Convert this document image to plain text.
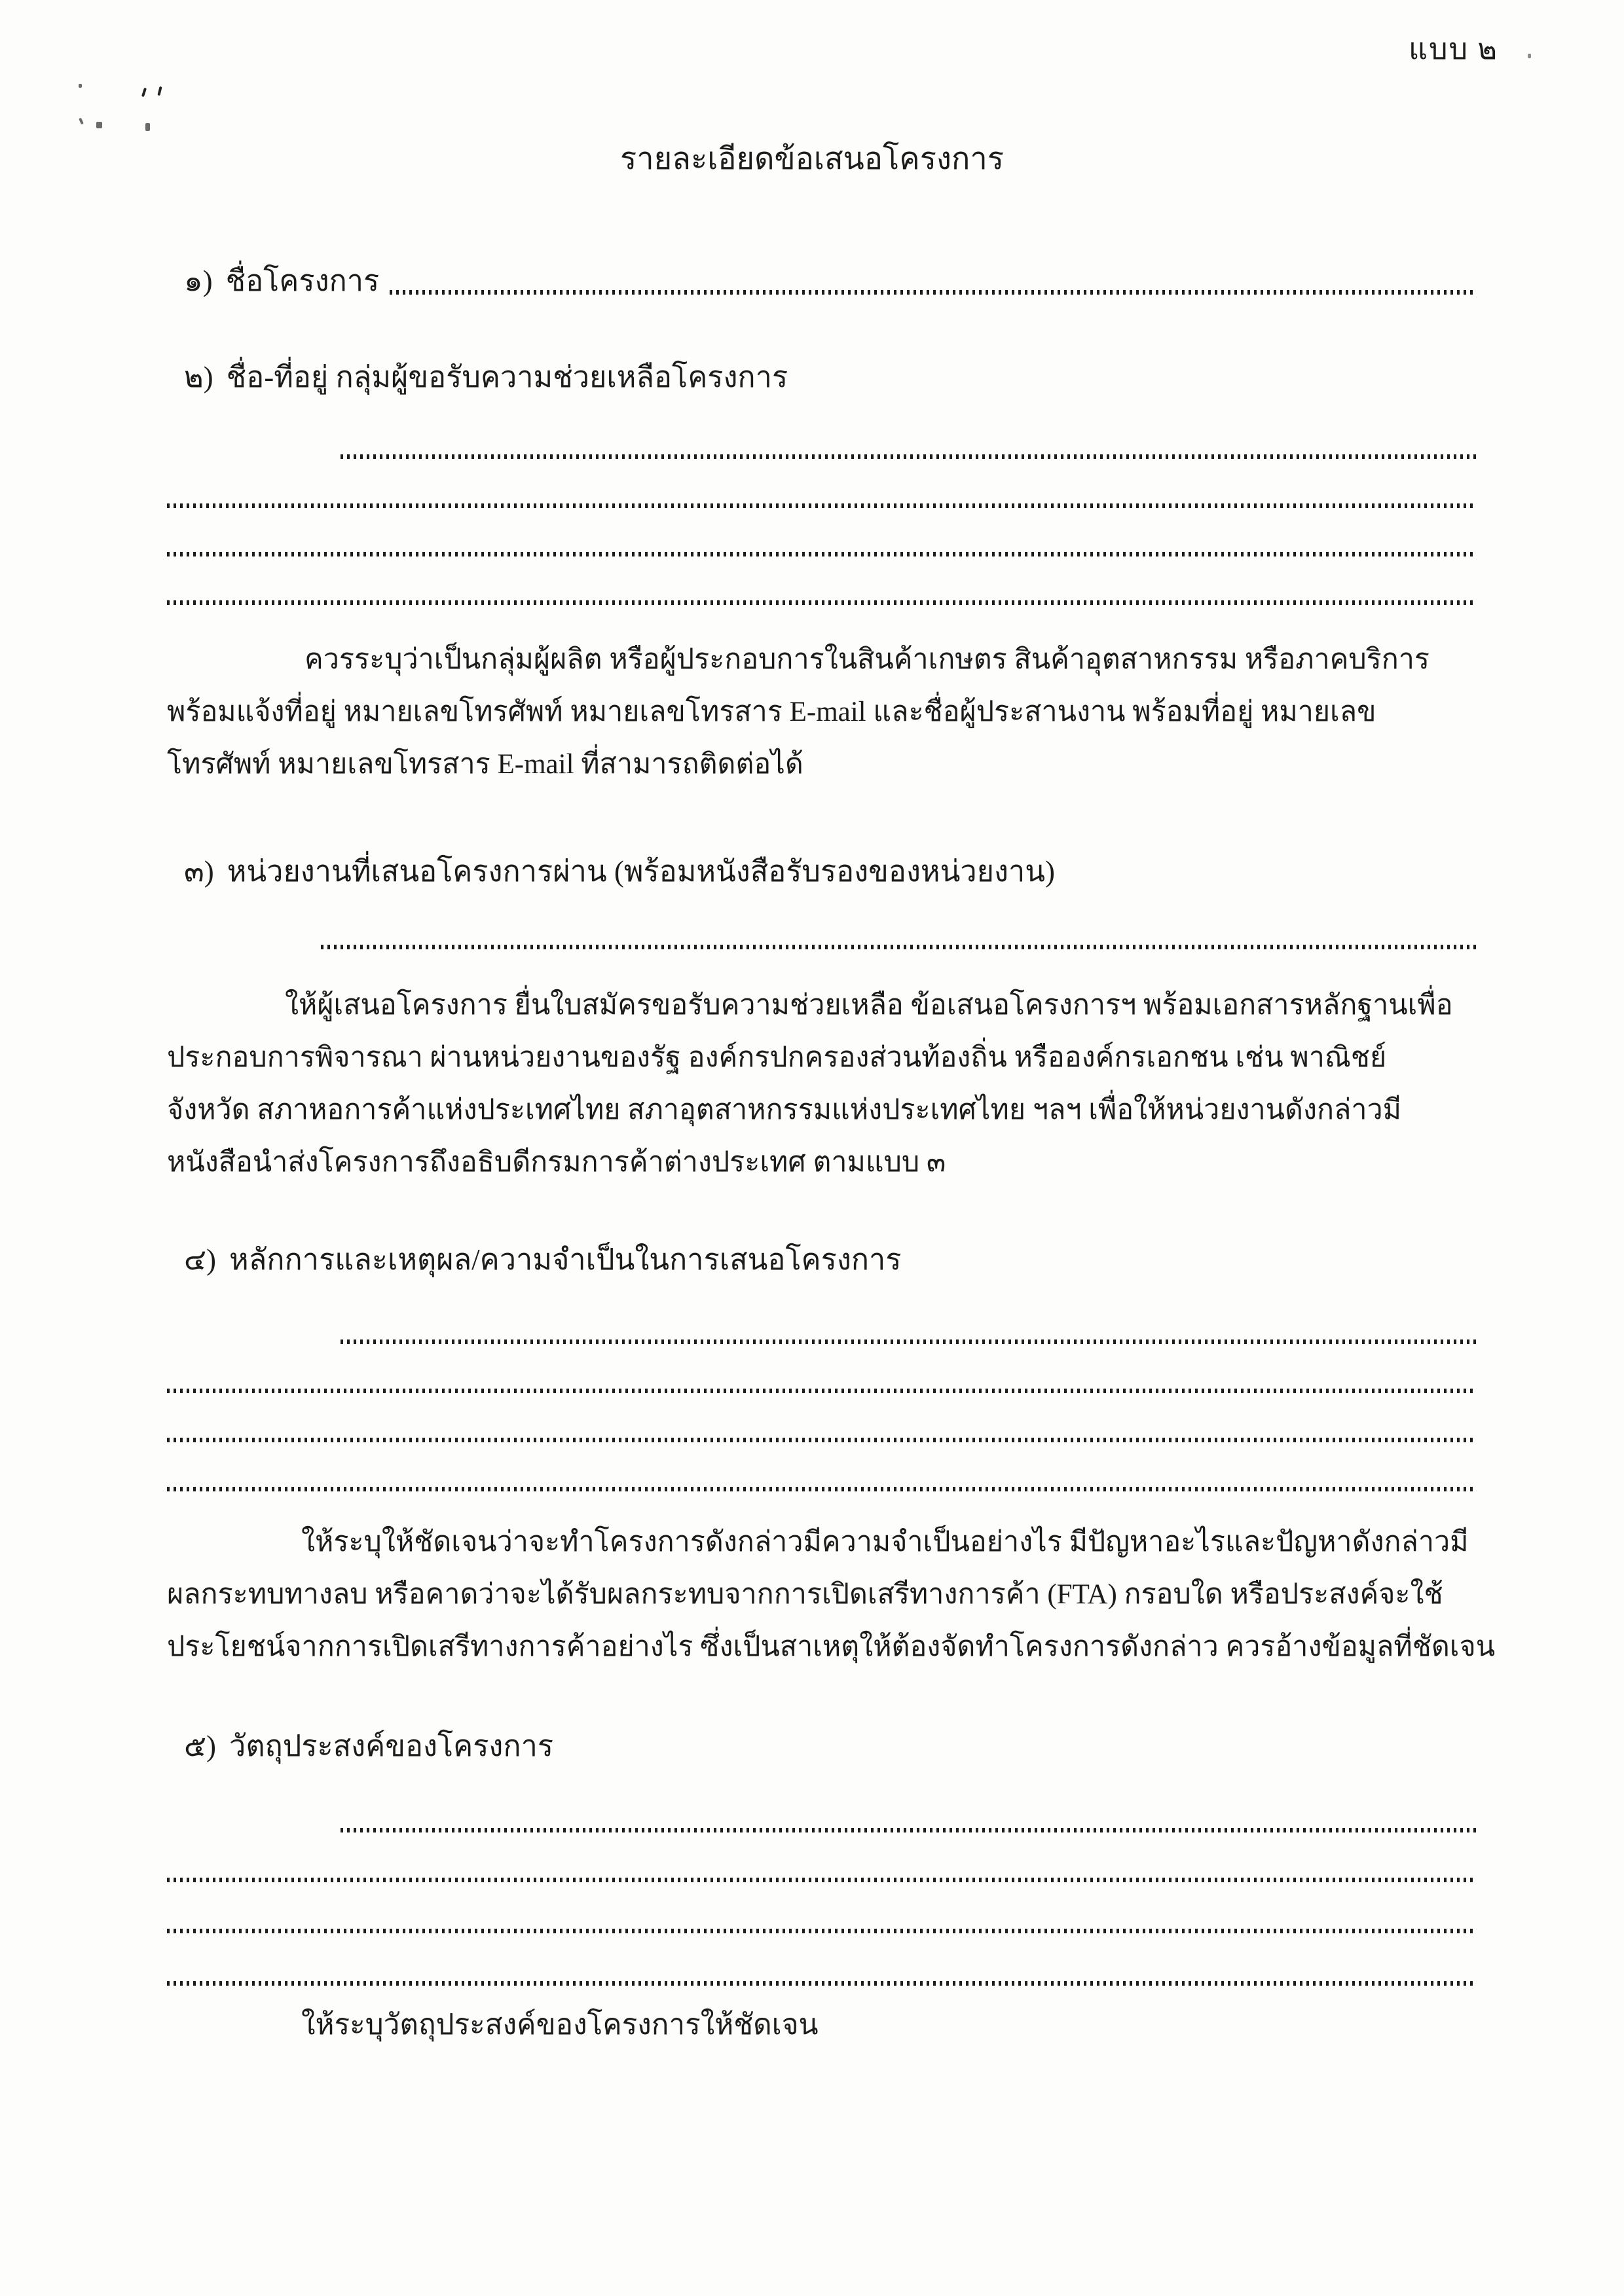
แบบ ๒
รายละเอียดข้อเสนอโครงการ
๑) ชื่อโครงการ
๒) ชื่อ-ที่อยู่ กลุ่มผู้ขอรับความช่วยเหลือโครงการ
ควรระบุว่าเป็นกลุ่มผู้ผลิต หรือผู้ประกอบการในสินค้าเกษตร สินค้าอุตสาหกรรม หรือภาคบริการ
พร้อมแจ้งที่อยู่ หมายเลขโทรศัพท์ หมายเลขโทรสาร E-mail และชื่อผู้ประสานงาน พร้อมที่อยู่ หมายเลข
โทรศัพท์ หมายเลขโทรสาร E-mail ที่สามารถติดต่อได้
๓) หน่วยงานที่เสนอโครงการผ่าน (พร้อมหนังสือรับรองของหน่วยงาน)
ให้ผู้เสนอโครงการ ยื่นใบสมัครขอรับความช่วยเหลือ ข้อเสนอโครงการฯ พร้อมเอกสารหลักฐานเพื่อ
ประกอบการพิจารณา ผ่านหน่วยงานของรัฐ องค์กรปกครองส่วนท้องถิ่น หรือองค์กรเอกชน เช่น พาณิชย์
จังหวัด สภาหอการค้าแห่งประเทศไทย สภาอุตสาหกรรมแห่งประเทศไทย ฯลฯ เพื่อให้หน่วยงานดังกล่าวมี
หนังสือนำส่งโครงการถึงอธิบดีกรมการค้าต่างประเทศ ตามแบบ ๓
๔) หลักการและเหตุผล/ความจำเป็นในการเสนอโครงการ
ให้ระบุให้ชัดเจนว่าจะทำโครงการดังกล่าวมีความจำเป็นอย่างไร มีปัญหาอะไรและปัญหาดังกล่าวมี
ผลกระทบทางลบ หรือคาดว่าจะได้รับผลกระทบจากการเปิดเสรีทางการค้า (FTA) กรอบใด หรือประสงค์จะใช้
ประโยชน์จากการเปิดเสรีทางการค้าอย่างไร ซึ่งเป็นสาเหตุให้ต้องจัดทำโครงการดังกล่าว ควรอ้างข้อมูลที่ชัดเจน
๕) วัตถุประสงค์ของโครงการ
ให้ระบุวัตถุประสงค์ของโครงการให้ชัดเจน
